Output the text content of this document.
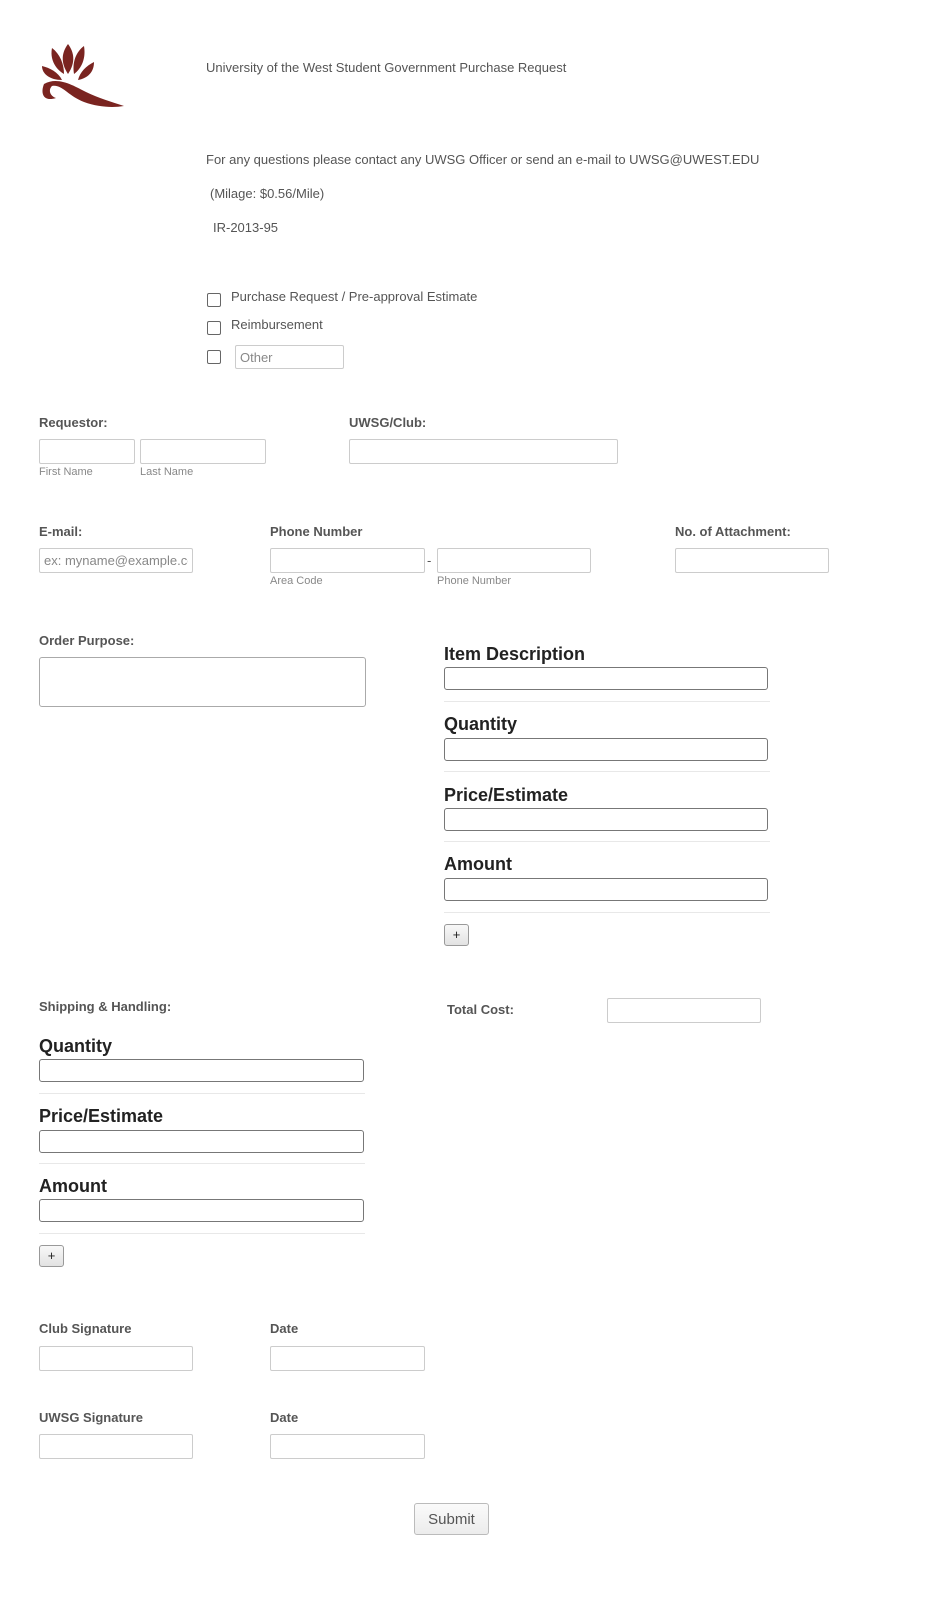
University of the West Student Government Purchase Request
For any questions please contact any UWSG Officer or send an e-mail to UWSG@UWEST.EDU
(Milage: $0.56/Mile)
IR-2013-95
Purchase Request / Pre-approval Estimate
Reimbursement
Other
Requestor:
First Name	Last Name
UWSG/Club:
E-mail:
ex: myname@example.com	Phone Number
-
Area Code	Phone Number
No. of Attachment:
Order Purpose:
Item Description
Quantity
Price/Estimate
Amount
+
Shipping & Handling:
Quantity
Price/Estimate
Amount
+
Total Cost:
Club Signature	Date
UWSG Signature	Date
Submit
